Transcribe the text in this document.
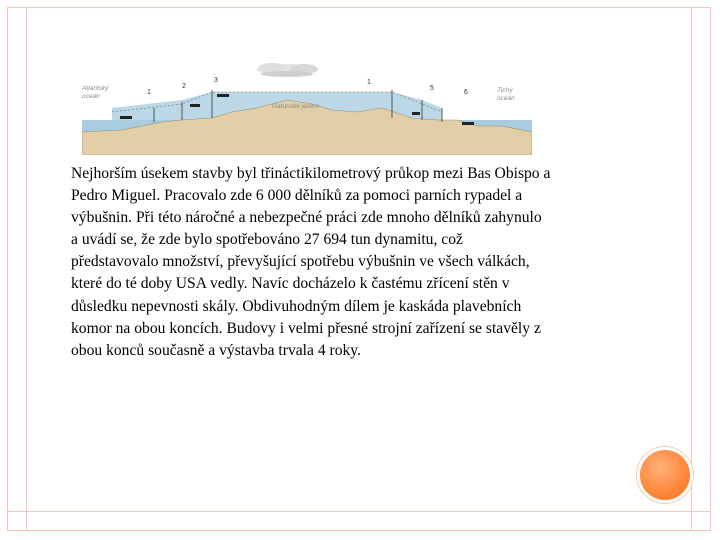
Atlantský
oceán
Gatunské jezero
Tichý
oceán
1
2
3	1
5
6

Nejhorším úsekem stavby byl třináctikilometrový průkop mezi Bas Obispo a
Pedro Miguel. Pracovalo zde 6 000 dělníků za pomoci parních rypadel a
výbušnin. Při této náročné a nebezpečné práci zde mnoho dělníků zahynulo
a uvádí se, že zde bylo spotřebováno 27 694 tun dynamitu, což
představovalo množství, převyšující spotřebu výbušnin ve všech válkách,
které do té doby USA vedly. Navíc docházelo k častému zřícení stěn v
důsledku nepevnosti skály. Obdivuhodným dílem je kaskáda plavebních
komor na obou koncích. Budovy i velmi přesné strojní zařízení se stavěly z
obou konců současně a výstavba trvala 4 roky.
